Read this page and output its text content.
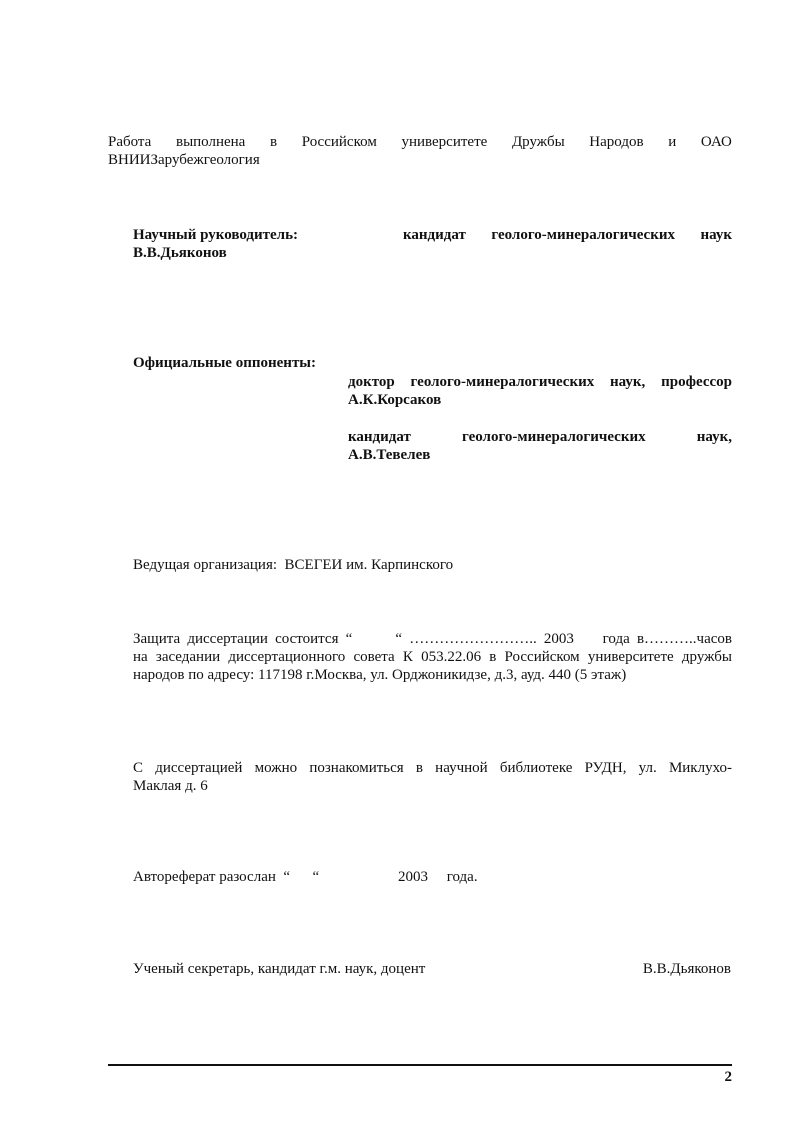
Работа выполнена в Российском университете Дружбы Народов и ОАО
ВНИИЗарубежгеология
Научный руководитель:	кандидат геолого-минералогических наук
В.В.Дьяконов
Официальные оппоненты:
доктор геолого-минералогических наук, профессор
А.К.Корсаков
кандидат	геолого-минералогических	наук,
А.В.Тевелев
Ведущая организация:  ВСЕГЕИ им. Карпинского
Защита диссертации состоится “      “ …………………….. 2003    года в………..часов
на заседании диссертационного совета К 053.22.06 в Российском университете дружбы
народов по адресу: 117198 г.Москва, ул. Орджоникидзе, д.3, ауд. 440 (5 этаж)
С диссертацией можно познакомиться в научной библиотеке РУДН, ул. Миклухо-
Маклая д. 6
Автореферат разослан  “      “                     2003     года.
Ученый секретарь, кандидат г.м. наук, доцент	В.В.Дьяконов
2
